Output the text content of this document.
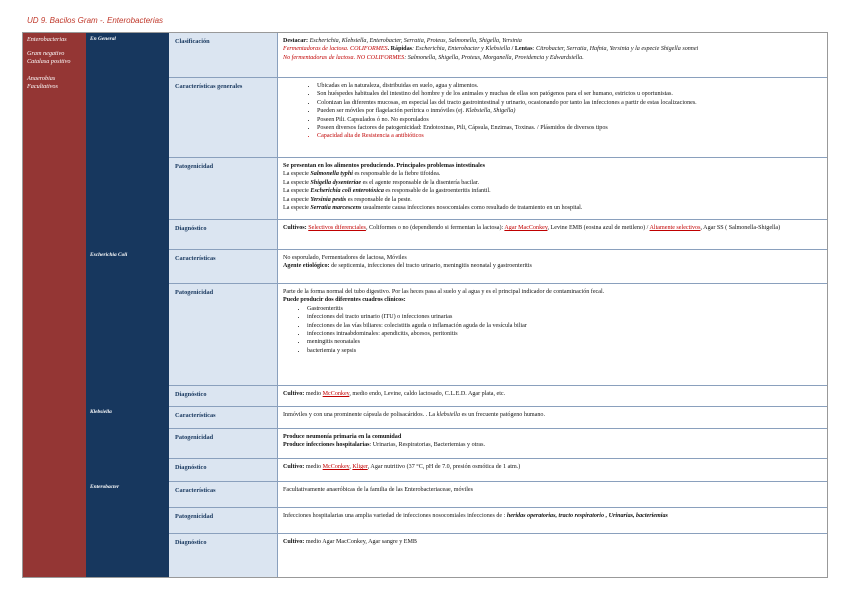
UD 9. Bacilos Gram -. Enterobacterias
Enterobacterias
Gram negativo
Catalasa positivo
Anaerobias
Facultativos
En General
Escherichia Coli
Klebsiella
Enterobacter
Clasificación	Destacar: Escherichia, Klebsiella, Enterobacter, Serratia, Proteus, Salmonella, Shigella, Yersinia

Fermentadoras de lactosa. COLIFORMES. Rápidas: Escherichia, Enterobacter y Klebsiella / Lentas: Citrobacter, Serratia, Hafnia, Yersinia y la especie Shigella sonnei

No fermentadoras de lactosa. NO COLIFORMES: Salmonella, Shigella, Proteus, Morganella, Providencia y Edwardsiella.

Características generales
•	Ubicadas en la naturaleza, distribuidas en suelo, agua y alimentos.
• Son huéspedes habituales del intestino del hombre y de los animales y muchas de ellas son patógenos para el ser humano, estrictos u oportunistas.
• Colonizan las diferentes mucosas, en especial las del tracto gastrointestinal y urinario, ocasionando por tanto las infecciones a partir de estas localizaciones.
• Pueden ser móviles por flagelación perítrica o inmóviles (ej. Klebsiella, Shigella)
• Poseen Pili. Capsulados ó no. No esporulados
• Poseen diversos factores de patogenicidad: Endotoxinas, Pili, Cápsula, Enzimas, Toxinas. / Plásmidos de diversos tipos
• Capacidad alta de Resistencia a antibióticos
Patogenicidad	Se presentan en los alimentos produciendo. Principales problemas intestinales

La especie Salmonella typhi es responsable de la fiebre tifoidea.

La especie Shigella dysenteriae es el agente responsable de la disentería bacilar.

La especie Escherichia coli enterotóxica es responsable de la gastroenteritis infantil.

La especie Yersinia pestis es responsable de la peste.

La especie Serratia marcescens usualmente causa infecciones nosocomiales como resultado de tratamiento en un hospital.

Diagnóstico	Cultivos: Selectivos diferenciales, Coliformes o no (dependiendo si fermentan la lactosa): Agar MacConkey, Levine EMB (eosina azul de metileno) / Altamente selectivos, Agar SS ( Salmonella-Shigella)

Características	No esporulado, Fermentadores de lactosa, Móviles

Agente etiológico: de septicemia, infecciones del tracto urinario, meningitis neonatal y gastroenteritis

Patogenicidad	Parte de la forma normal del tubo digestivo. Por las heces pasa al suelo y al agua y es el principal indicador de contaminación fecal.

Puede producir dos diferentes cuadros clínicos:

• Gastroenteritis
• infecciones del tracto urinario (ITU) o infecciones urinarias
• infecciones de las vías biliares: colecistitis aguda o inflamación aguda de la vesícula biliar
• infecciones intraabdominales: apendicitis, abcesos, peritonitis
• meningitis neonatales
• bacteriemia y sepsis
Diagnóstico	Cultivo: medio McConkey, medio endo, Levine, caldo lactosado, C.L.E.D. Agar plata, etc.

Características	Inmóviles y con una prominente cápsula de polisacáridos. . La klebsiella es un frecuente patógeno humano.

Patogenicidad	Produce neumonía primaria en la comunidad

Produce infecciones hospitalarias: Urinarias, Respiratorias, Bacteriemias y otras.

Diagnóstico	Cultivo: medio McConkey, Kliger, Agar nutritivo (37 °C, pH de 7.0, presión osmótica de 1 atm.)

Características	Facultativamente anaeróbicas de la familia de las Enterobacteriaceae, móviles

Patogenicidad	Infecciones hospitalarias una amplia variedad de infecciones nosocomiales infecciones de : heridas operatorias, tracto respiratorio , Urinarias, bacteriemias

Diagnóstico	Cultivo: medio Agar MacConkey, Agar sangre y EMB
